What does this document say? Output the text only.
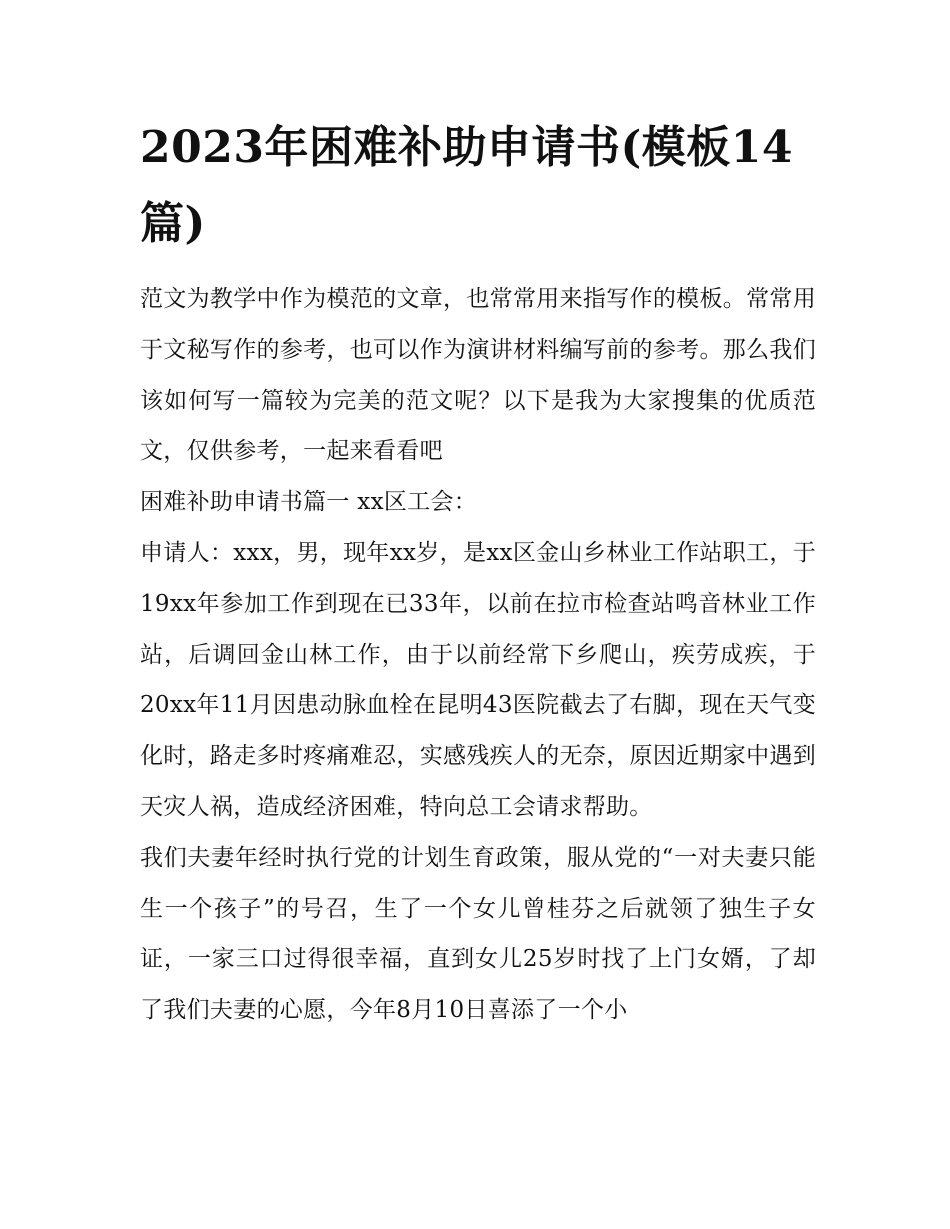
2023年困难补助申请书(模板14篇)

范文为教学中作为模范的文章，也常常用来指写作的模板。常常用于文秘写作的参考，也可以作为演讲材料编写前的参考。那么我们该如何写一篇较为完美的范文呢？以下是我为大家搜集的优质范文，仅供参考，一起来看看吧

困难补助申请书篇一 xx区工会：

申请人：xxx，男，现年xx岁，是xx区金山乡林业工作站职工，于19xx年参加工作到现在已33年，以前在拉市检查站鸣音林业工作站，后调回金山林工作，由于以前经常下乡爬山，疾劳成疾，于20xx年11月因患动脉血栓在昆明43医院截去了右脚，现在天气变化时，路走多时疼痛难忍，实感残疾人的无奈，原因近期家中遇到天灾人祸，造成经济困难，特向总工会请求帮助。

我们夫妻年经时执行党的计划生育政策，服从党的“一对夫妻只能生一个孩子”的号召，生了一个女儿曾桂芬之后就领了独生子女证，一家三口过得很幸福，直到女儿25岁时找了上门女婿，了却了我们夫妻的心愿，今年8月10日喜添了一个小
